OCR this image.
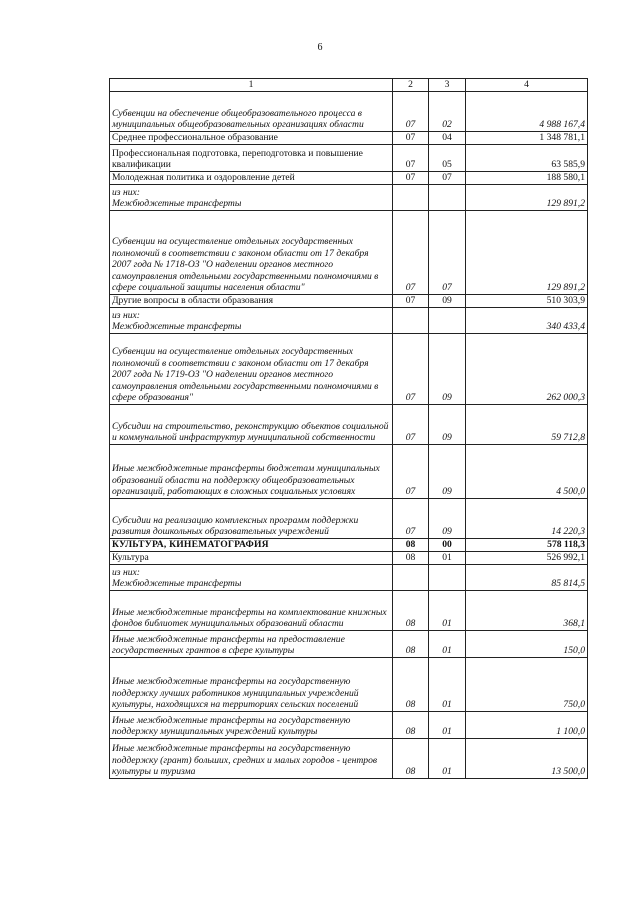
6
1	2	3	4
Субвенции на обеспечение общеобразовательного процесса в муниципальных общеобразовательных организациях области	07	02	4 988 167,4
Среднее профессиональное образование	07	04	1 348 781,1
Профессиональная подготовка, переподготовка и повышение квалификации	07	05	63 585,9
Молодежная политика и оздоровление детей	07	07	188 580,1
из них:
Межбюджетные трансферты			129 891,2
Субвенции на осуществление отдельных государственных полномочий в соответствии с законом области от 17 декабря 2007 года № 1718-ОЗ "О наделении органов местного самоуправления отдельными государственными полномочиями в сфере социальной защиты населения области"	07	07	129 891,2
Другие вопросы в области образования	07	09	510 303,9
из них:
Межбюджетные трансферты			340 433,4
Субвенции на осуществление отдельных государственных полномочий в соответствии с законом области от 17 декабря 2007 года № 1719-ОЗ "О наделении органов местного самоуправления отдельными государственными полномочиями в сфере образования"	07	09	262 000,3
Субсидии на строительство, реконструкцию объектов социальной и коммунальной инфраструктур муниципальной собственности	07	09	59 712,8
Иные межбюджетные трансферты бюджетам муниципальных образований области на поддержку общеобразовательных организаций, работающих в сложных социальных условиях	07	09	4 500,0
Субсидии на реализацию комплексных программ поддержки развития дошкольных образовательных учреждений	07	09	14 220,3
КУЛЬТУРА, КИНЕМАТОГРАФИЯ	08	00	578 118,3
Культура	08	01	526 992,1
из них:
Межбюджетные трансферты			85 814,5
Иные межбюджетные трансферты на комплектование книжных фондов библиотек муниципальных образований области	08	01	368,1
Иные межбюджетные трансферты на предоставление государственных грантов в сфере культуры	08	01	150,0
Иные межбюджетные трансферты на государственную поддержку лучших работников муниципальных учреждений культуры, находящихся на территориях сельских поселений	08	01	750,0
Иные межбюджетные трансферты на государственную поддержку муниципальных учреждений культуры	08	01	1 100,0
Иные межбюджетные трансферты на государственную поддержку (грант) больших, средних и малых городов - центров культуры и туризма	08	01	13 500,0
